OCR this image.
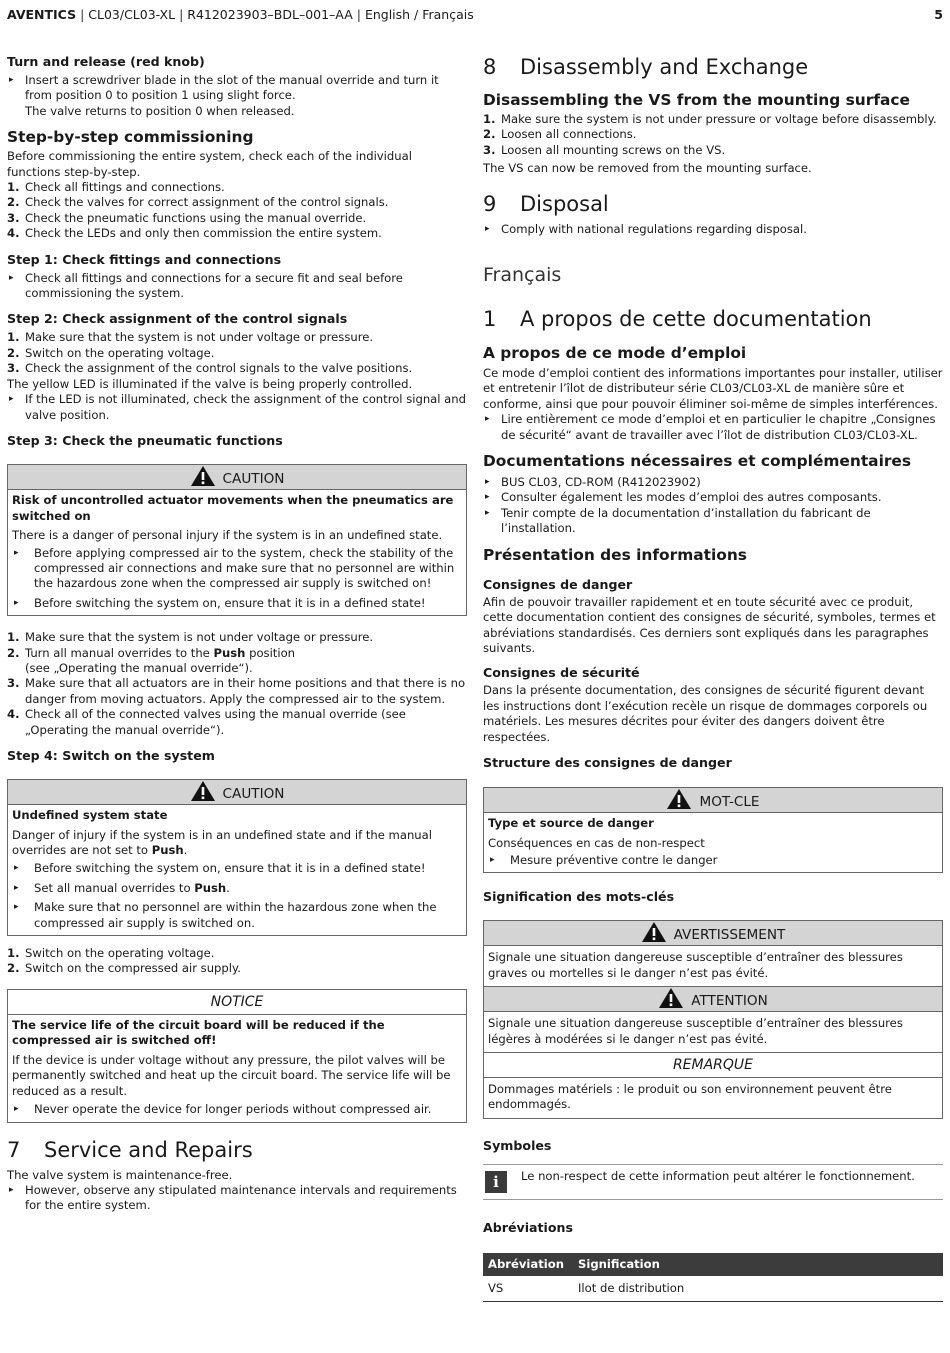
AVENTICS | CL03/CL03-XL | R412023903–BDL–001–AA | English / Français	5
Turn and release (red knob)
▸ Insert a screwdriver blade in the slot of the manual override and turn it from position 0 to position 1 using slight force.
The valve returns to position 0 when released.
Step-by-step commissioning

Before commissioning the entire system, check each of the individual functions step-by-step.

1. Check all fittings and connections.
2. Check the valves for correct assignment of the control signals.
3. Check the pneumatic functions using the manual override.
4. Check the LEDs and only then commission the entire system.
Step 1: Check fittings and connections
▸ Check all fittings and connections for a secure fit and seal before commissioning the system.
Step 2: Check assignment of the control signals
1. Make sure that the system is not under voltage or pressure.
2. Switch on the operating voltage.
3. Check the assignment of the control signals to the valve positions.

The yellow LED is illuminated if the valve is being properly controlled.

▸ If the LED is not illuminated, check the assignment of the control signal and valve position.
Step 3: Check the pneumatic functions
CAUTION
Risk of uncontrolled actuator movements when the pneumatics are switched on

There is a danger of personal injury if the system is in an undefined state.

▸ Before applying compressed air to the system, check the stability of the compressed air connections and make sure that no personnel are within the hazardous zone when the compressed air supply is switched on!
▸ Before switching the system on, ensure that it is in a defined state!
1. Make sure that the system is not under voltage or pressure.
2. Turn all manual overrides to the Push position
(see „Operating the manual override“).
3. Make sure that all actuators are in their home positions and that there is no danger from moving actuators. Apply the compressed air to the system.
4. Check all of the connected valves using the manual override (see „Operating the manual override“).
Step 4: Switch on the system
CAUTION
Undefined system state

Danger of injury if the system is in an undefined state and if the manual overrides are not set to Push.

▸ Before switching the system on, ensure that it is in a defined state!
▸ Set all manual overrides to Push.
▸ Make sure that no personnel are within the hazardous zone when the compressed air supply is switched on.
1. Switch on the operating voltage.
2. Switch on the compressed air supply.
NOTICE
The service life of the circuit board will be reduced if the compressed air is switched off!

If the device is under voltage without any pressure, the pilot valves will be permanently switched and heat up the circuit board. The service life will be reduced as a result.

▸ Never operate the device for longer periods without compressed air.
7 Service and Repairs

The valve system is maintenance-free.

▸ However, observe any stipulated maintenance intervals and requirements for the entire system.
8 Disassembly and Exchange
Disassembling the VS from the mounting surface
1. Make sure the system is not under pressure or voltage before disassembly.
2. Loosen all connections.
3. Loosen all mounting screws on the VS.

The VS can now be removed from the mounting surface.

9 Disposal
▸ Comply with national regulations regarding disposal.
Français
1 A propos de cette documentation
A propos de ce mode d’emploi

Ce mode d’emploi contient des informations importantes pour installer, utiliser et entretenir l’îlot de distributeur série CL03/CL03-XL de manière sûre et conforme, ainsi que pour pouvoir éliminer soi-même de simples interférences.

▸ Lire entièrement ce mode d’emploi et en particulier le chapitre „Consignes de sécurité“ avant de travailler avec l’îlot de distribution CL03/CL03-XL.
Documentations nécessaires et complémentaires
▸ BUS CL03, CD-ROM (R412023902)
▸ Consulter également les modes d’emploi des autres composants.
▸ Tenir compte de la documentation d’installation du fabricant de l’installation.
Présentation des informations
Consignes de danger

Afin de pouvoir travailler rapidement et en toute sécurité avec ce produit, cette documentation contient des consignes de sécurité, symboles, termes et abréviations standardisés. Ces derniers sont expliqués dans les paragraphes suivants.

Consignes de sécurité

Dans la présente documentation, des consignes de sécurité figurent devant les instructions dont l’exécution recèle un risque de dommages corporels ou matériels. Les mesures décrites pour éviter des dangers doivent être respectées.

Structure des consignes de danger
MOT-CLE
Type et source de danger

Conséquences en cas de non-respect

▸ Mesure préventive contre le danger
Signification des mots-clés
AVERTISSEMENT
Signale une situation dangereuse susceptible d’entraîner des blessures graves ou mortelles si le danger n’est pas évité.
ATTENTION
Signale une situation dangereuse susceptible d’entraîner des blessures légères à modérées si le danger n’est pas évité.
REMARQUE
Dommages matériels : le produit ou son environnement peuvent être endommagés.
Symboles
i	Le non-respect de cette information peut altérer le fonctionnement.

Abréviations
Abréviation	Signification
VS	Ilot de distribution
